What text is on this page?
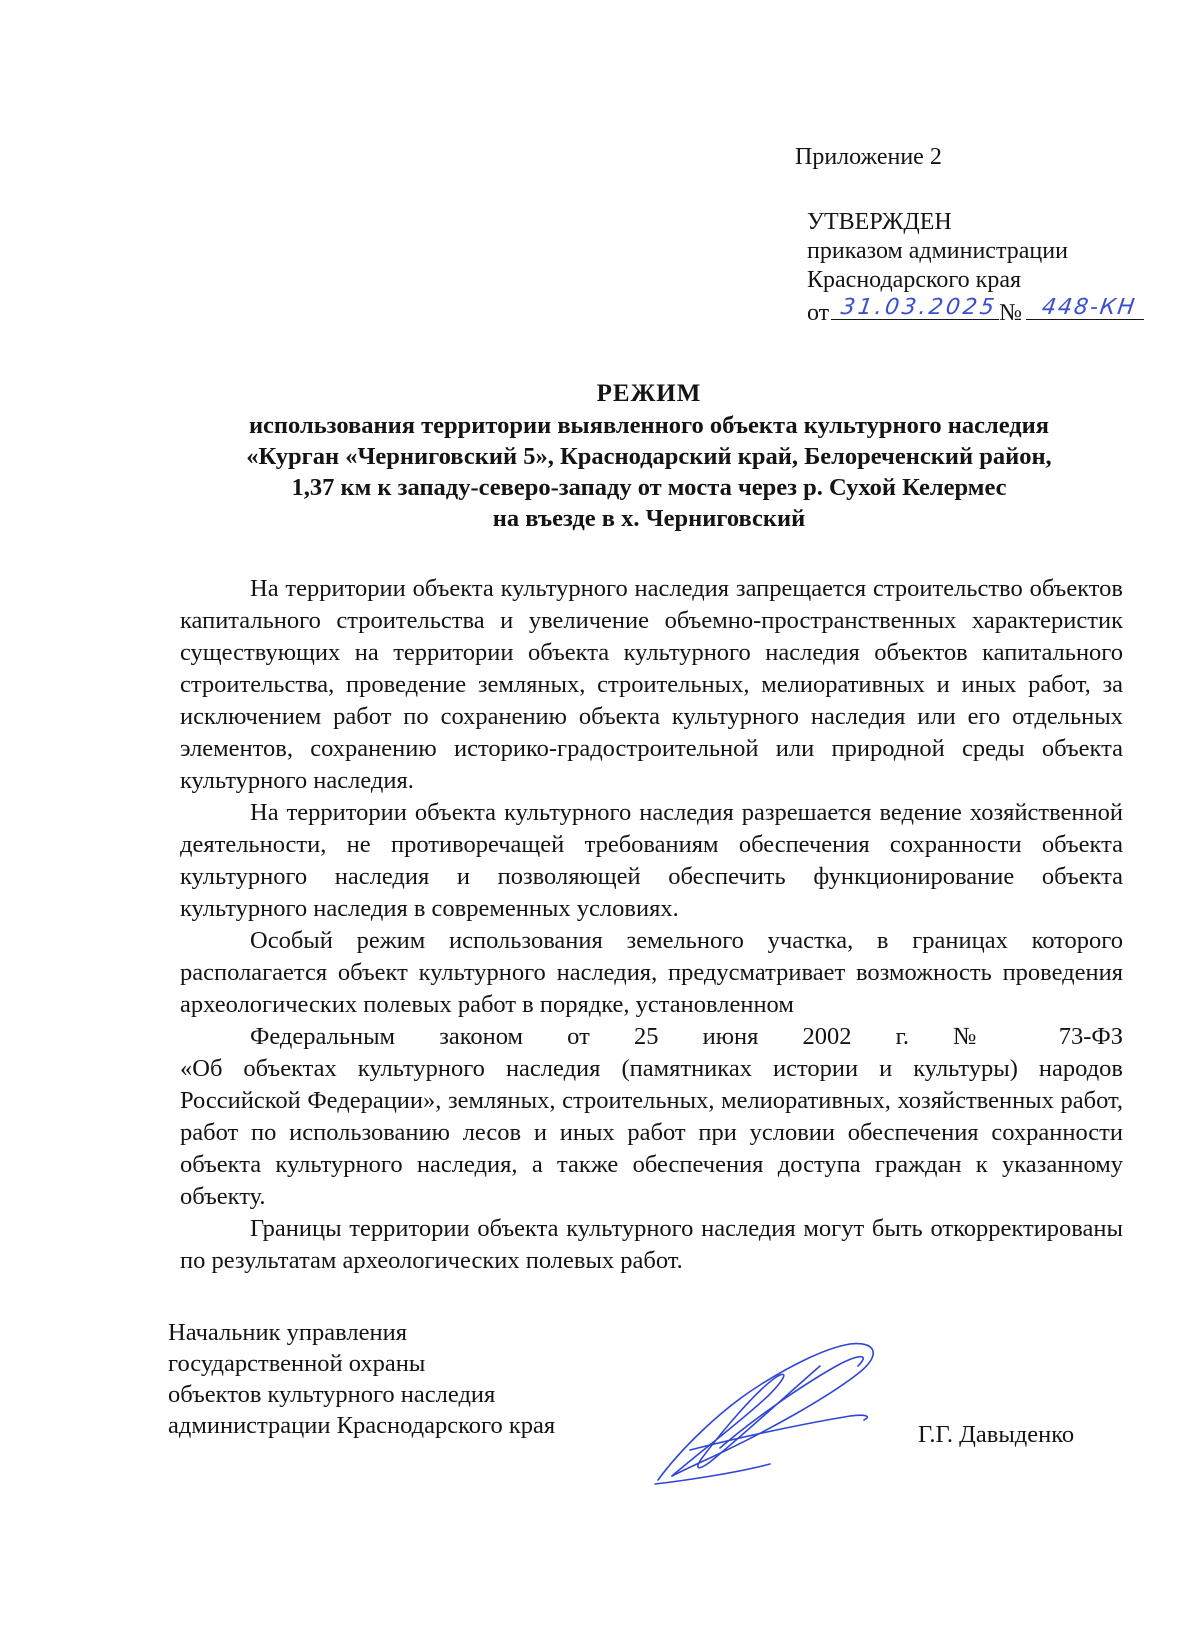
Приложение 2
УТВЕРЖДЕН
приказом администрации
Краснодарского края
от 31.03.2025 № 448-КН
РЕЖИМ
использования территории выявленного объекта культурного наследия
«Курган «Черниговский 5», Краснодарский край, Белореченский район,
1,37 км к западу-северо-западу от моста через р. Сухой Келермес
на въезде в х. Черниговский

На территории объекта культурного наследия запрещается строительство объектов капитального строительства и увеличение объемно-пространственных характеристик существующих на территории объекта культурного наследия объектов капитального строительства, проведение земляных, строительных, мелиоративных и иных работ, за исключением работ по сохранению объекта культурного наследия или его отдельных элементов, сохранению историко-градостроительной или природной среды объекта культурного наследия.

На территории объекта культурного наследия разрешается ведение хозяйственной деятельности, не противоречащей требованиям обеспечения сохранности объекта культурного наследия и позволяющей обеспечить функционирование объекта культурного наследия в современных условиях.

Особый режим использования земельного участка, в границах которого располагается объект культурного наследия, предусматривает возможность проведения археологических полевых работ в порядке, установленном
Федеральным законом от 25 июня 2002 г. № 73-ФЗ
«Об объектах культурного наследия (памятниках истории и культуры) народов Российской Федерации», земляных, строительных, мелиоративных, хозяйственных работ, работ по использованию лесов и иных работ при условии обеспечения сохранности объекта культурного наследия, а также обеспечения доступа граждан к указанному объекту.

Границы территории объекта культурного наследия могут быть откорректированы по результатам археологических полевых работ.

Начальник управления
государственной охраны
объектов культурного наследия
администрации Краснодарского края	Г.Г. Давыденко
